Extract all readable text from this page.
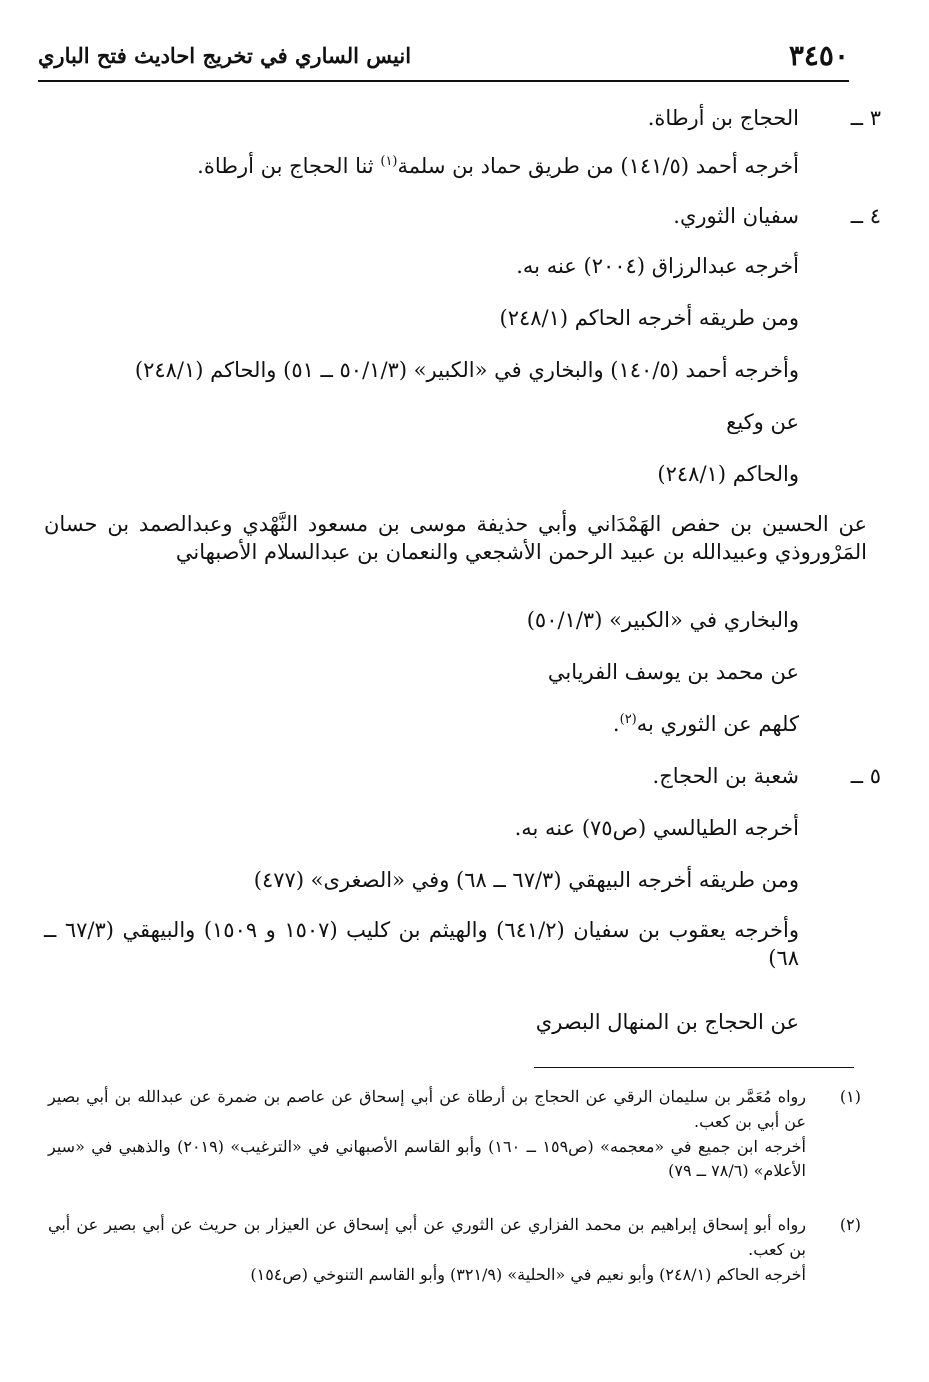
٣٤٥٠
انيس الساري في تخريج احاديث فتح الباري
٣ ــ
الحجاج بن أرطاة.
أخرجه أحمد (١٤١/٥) من طريق حماد بن سلمة$^{(١)}$ ثنا الحجاج بن أرطاة.
٤ ــ
سفيان الثوري.
أخرجه عبدالرزاق (٢٠٠٤) عنه به.
ومن طريقه أخرجه الحاكم (٢٤٨/١)
وأخرجه أحمد (١٤٠/٥) والبخاري في «الكبير» (٥٠/١/٣ ــ ٥١) والحاكم (٢٤٨/١)
عن وكيع
والحاكم (٢٤٨/١)
عن الحسين بن حفص الهَمْدَاني وأبي حذيفة موسى بن مسعود النَّهْدي وعبدالصمد بن حسان المَرْوروذي وعبيدالله بن عبيد الرحمن الأشجعي والنعمان بن عبدالسلام الأصبهاني
والبخاري في «الكبير» (٥٠/١/٣)
عن محمد بن يوسف الفريابي
كلهم عن الثوري به$^{(٢)}$.
٥ ــ
شعبة بن الحجاج.
أخرجه الطيالسي (ص٧٥) عنه به.
ومن طريقه أخرجه البيهقي (٦٧/٣ ــ ٦٨) وفي «الصغرى» (٤٧٧)
وأخرجه يعقوب بن سفيان (٦٤١/٢) والهيثم بن كليب (١٥٠٧ و ١٥٠٩) والبيهقي (٦٧/٣ ــ ٦٨)
عن الحجاج بن المنهال البصري
(١)
رواه مُعَمَّر بن سليمان الرقي عن الحجاج بن أرطاة عن أبي إسحاق عن عاصم بن ضمرة عن عبدالله بن أبي بصير عن أبي بن كعب.
أخرجه ابن جميع في «معجمه» (ص١٥٩ ــ ١٦٠) وأبو القاسم الأصبهاني في «الترغيب» (٢٠١٩) والذهبي في «سير الأعلام» (٧٨/٦ ــ ٧٩)
(٢)
رواه أبو إسحاق إبراهيم بن محمد الفزاري عن الثوري عن أبي إسحاق عن العيزار بن حريث عن أبي بصير عن أبي بن كعب.
أخرجه الحاكم (٢٤٨/١) وأبو نعيم في «الحلية» (٣٢١/٩) وأبو القاسم التنوخي (ص١٥٤)
